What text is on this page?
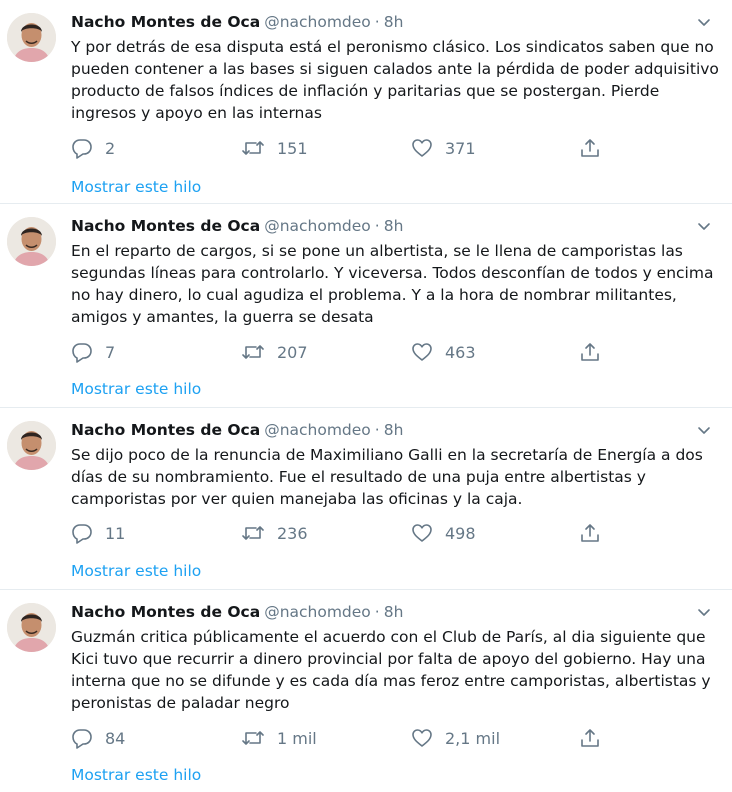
Nacho Montes de Oca @nachomdeo · 8h
Y por detrás de esa disputa está el peronismo clásico. Los sindicatos saben que no
pueden contener a las bases si siguen calados ante la pérdida de poder adquisitivo
producto de falsos índices de inflación y paritarias que se postergan. Pierde
ingresos y apoyo en las internas
2	151	371
Mostrar este hilo
Nacho Montes de Oca @nachomdeo · 8h
En el reparto de cargos, si se pone un albertista, se le llena de camporistas las
segundas líneas para controlarlo. Y viceversa. Todos desconfían de todos y encima
no hay dinero, lo cual agudiza el problema. Y a la hora de nombrar militantes,
amigos y amantes, la guerra se desata
7	207	463
Mostrar este hilo
Nacho Montes de Oca @nachomdeo · 8h
Se dijo poco de la renuncia de Maximiliano Galli en la secretaría de Energía a dos
días de su nombramiento. Fue el resultado de una puja entre albertistas y
camporistas por ver quien manejaba las oficinas y la caja.
11	236	498
Mostrar este hilo
Nacho Montes de Oca @nachomdeo · 8h
Guzmán critica públicamente el acuerdo con el Club de París, al dia siguiente que
Kici tuvo que recurrir a dinero provincial por falta de apoyo del gobierno. Hay una
interna que no se difunde y es cada día mas feroz entre camporistas, albertistas y
peronistas de paladar negro
84	1 mil	2,1 mil
Mostrar este hilo
